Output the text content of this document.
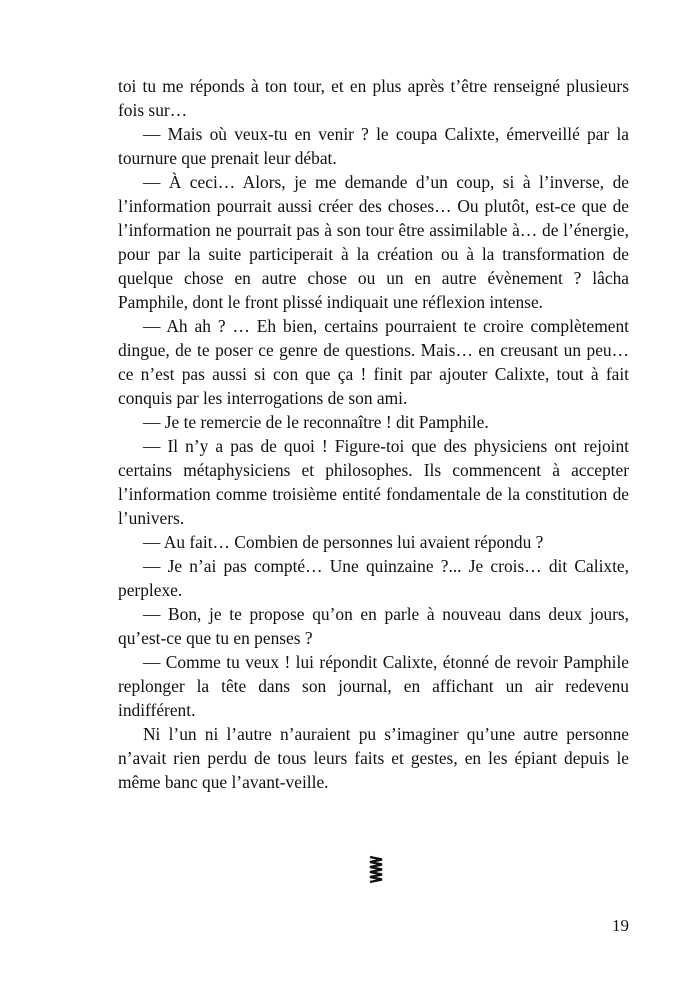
toi tu me réponds à ton tour, et en plus après t’être renseigné plusieurs fois sur…

— Mais où veux-tu en venir ? le coupa Calixte, émerveillé par la tournure que prenait leur débat.

— À ceci… Alors, je me demande d’un coup, si à l’inverse, de l’information pourrait aussi créer des choses… Ou plutôt, est-ce que de l’information ne pourrait pas à son tour être assimilable à… de l’énergie, pour par la suite participerait à la création ou à la transformation de quelque chose en autre chose ou un en autre évènement ? lâcha Pamphile, dont le front plissé indiquait une réflexion intense.

— Ah ah ? … Eh bien, certains pourraient te croire complètement dingue, de te poser ce genre de questions. Mais… en creusant un peu… ce n’est pas aussi si con que ça ! finit par ajouter Calixte, tout à fait conquis par les interrogations de son ami.

— Je te remercie de le reconnaître ! dit Pamphile.

— Il n’y a pas de quoi ! Figure-toi que des physiciens ont rejoint certains métaphysiciens et philosophes. Ils commencent à accepter l’information comme troisième entité fondamentale de la constitution de l’univers.

— Au fait… Combien de personnes lui avaient répondu ?

— Je n’ai pas compté… Une quinzaine ?... Je crois… dit Calixte, perplexe.

— Bon, je te propose qu’on en parle à nouveau dans deux jours, qu’est-ce que tu en penses ?

— Comme tu veux ! lui répondit Calixte, étonné de revoir Pamphile replonger la tête dans son journal, en affichant un air redevenu indifférent.

Ni l’un ni l’autre n’auraient pu s’imaginer qu’une autre personne n’avait rien perdu de tous leurs faits et gestes, en les épiant depuis le même banc que l’avant-veille.

19
